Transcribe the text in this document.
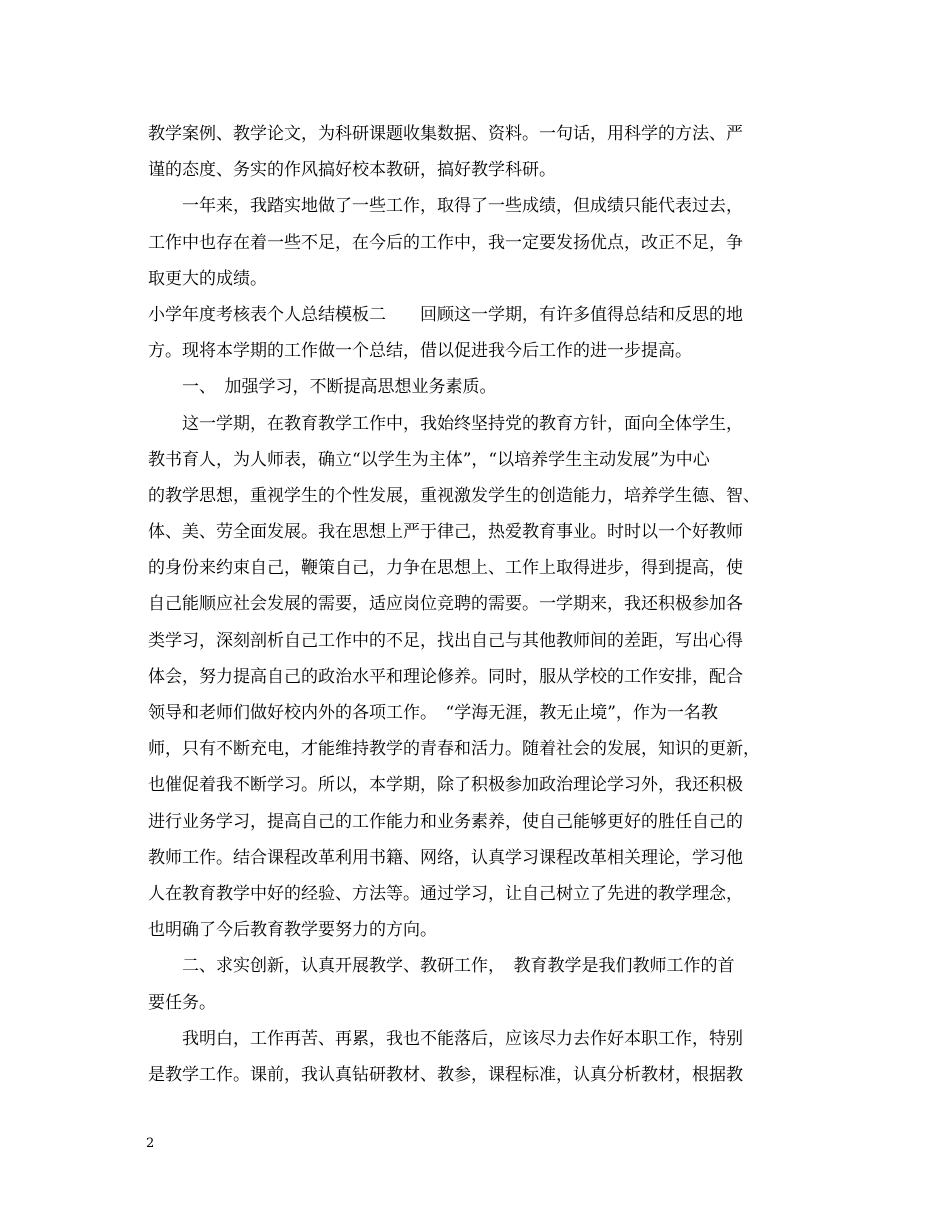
教学案例、教学论文，为科研课题收集数据、资料。一句话，用科学的方法、严
谨的态度、务实的作风搞好校本教研，搞好教学科研。
　　一年来，我踏实地做了一些工作，取得了一些成绩，但成绩只能代表过去，
工作中也存在着一些不足，在今后的工作中，我一定要发扬优点，改正不足，争
取更大的成绩。
小学年度考核表个人总结模板二　　回顾这一学期，有许多值得总结和反思的地
方。现将本学期的工作做一个总结，借以促进我今后工作的进一步提高。
　　一、　加强学习，不断提高思想业务素质。
　　这一学期，在教育教学工作中，我始终坚持党的教育方针，面向全体学生，
教书育人，为人师表，确立“以学生为主体”，“以培养学生主动发展”为中心
的教学思想，重视学生的个性发展，重视激发学生的创造能力，培养学生德、智、
体、美、劳全面发展。我在思想上严于律己，热爱教育事业。时时以一个好教师
的身份来约束自己，鞭策自己，力争在思想上、工作上取得进步，得到提高，使
自己能顺应社会发展的需要，适应岗位竞聘的需要。一学期来，我还积极参加各
类学习，深刻剖析自己工作中的不足，找出自己与其他教师间的差距，写出心得
体会，努力提高自己的政治水平和理论修养。同时，服从学校的工作安排，配合
领导和老师们做好校内外的各项工作。　“学海无涯，教无止境”，作为一名教
师，只有不断充电，才能维持教学的青春和活力。随着社会的发展，知识的更新，
也催促着我不断学习。所以，本学期，除了积极参加政治理论学习外，我还积极
进行业务学习，提高自己的工作能力和业务素养，使自己能够更好的胜任自己的
教师工作。结合课程改革利用书籍、网络，认真学习课程改革相关理论，学习他
人在教育教学中好的经验、方法等。通过学习，让自己树立了先进的教学理念，
也明确了今后教育教学要努力的方向。
　　二、求实创新，认真开展教学、教研工作，　教育教学是我们教师工作的首
要任务。
　　我明白，工作再苦、再累，我也不能落后，应该尽力去作好本职工作，特别
是教学工作。课前，我认真钻研教材、教参，课程标准，认真分析教材，根据教
2
